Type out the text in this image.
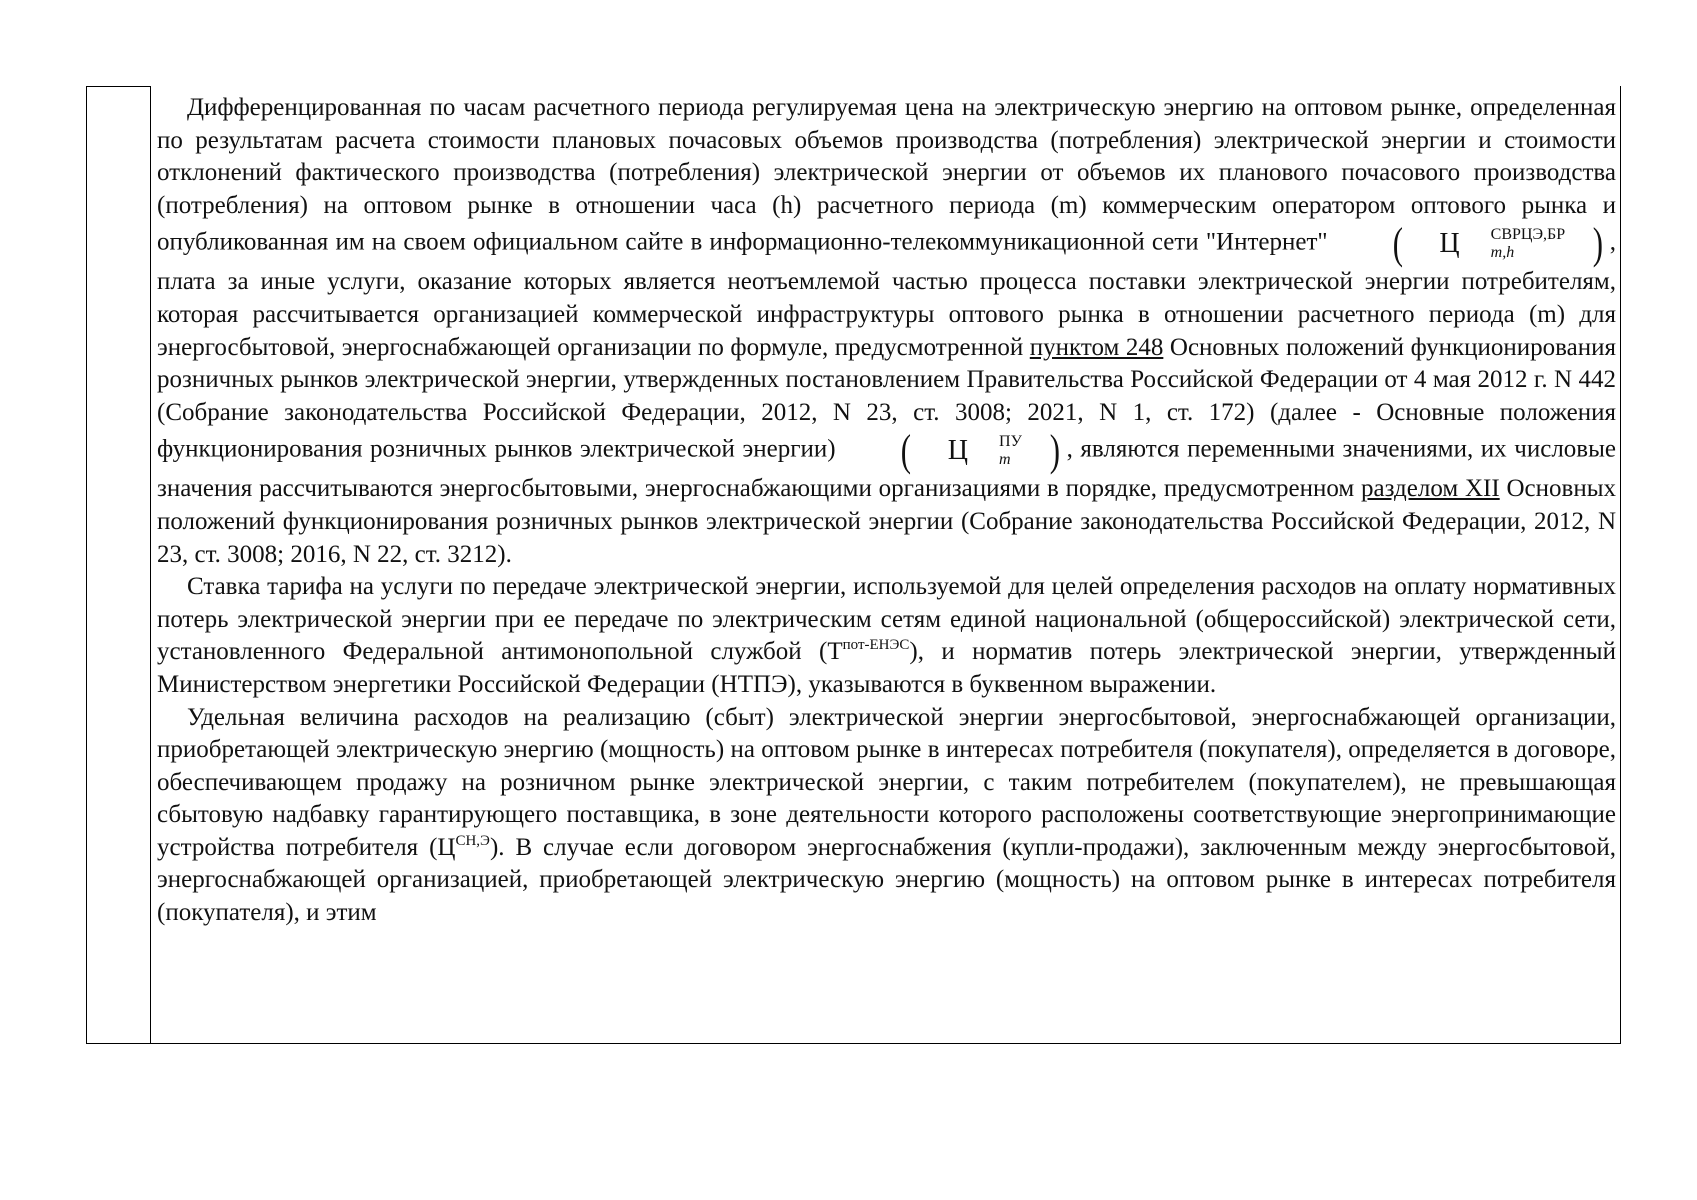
Дифференцированная по часам расчетного периода регулируемая цена на электрическую энергию на оптовом рынке, определенная по результатам расчета стоимости плановых почасовых объемов производства (потребления) электрической энергии и стоимости отклонений фактического производства (потребления) электрической энергии от объемов их планового почасового производства (потребления) на оптовом рынке в отношении часа (h) расчетного периода (m) коммерческим оператором оптового рынка и опубликованная им на своем официальном сайте в информационно-телекоммуникационной сети "Интернет" ( Ц	СВРЦЭ,БР
m,h	) , плата за иные услуги, оказание которых является неотъемлемой частью процесса поставки электрической энергии потребителям, которая рассчитывается организацией коммерческой инфраструктуры оптового рынка в отношении расчетного периода (m) для энергосбытовой, энергоснабжающей организации по формуле, предусмотренной пунктом 248 Основных положений функционирования розничных рынков электрической энергии, утвержденных постановлением Правительства Российской Федерации от 4 мая 2012 г. N 442 (Собрание законодательства Российской Федерации, 2012, N 23, ст. 3008; 2021, N 1, ст. 172) (далее - Основные положения функционирования розничных рынков электрической энергии) ( Ц	ПУ
m ) , являются переменными значениями, их числовые значения рассчитываются энергосбытовыми, энергоснабжающими организациями в порядке, предусмотренном разделом XII Основных положений функционирования розничных рынков электрической энергии (Собрание законодательства Российской Федерации, 2012, N 23, ст. 3008; 2016, N 22, ст. 3212).

Ставка тарифа на услуги по передаче электрической энергии, используемой для целей определения расходов на оплату нормативных потерь электрической энергии при ее передаче по электрическим сетям единой национальной (общероссийской) электрической сети, установленного Федеральной антимонопольной службой $(Т^{пот-ЕНЭС})$, и норматив потерь электрической энергии, утвержденный Министерством энергетики Российской Федерации (НТПЭ), указываются в буквенном выражении.

Удельная величина расходов на реализацию (сбыт) электрической энергии энергосбытовой, энергоснабжающей организации, приобретающей электрическую энергию (мощность) на оптовом рынке в интересах потребителя (покупателя), определяется в договоре, обеспечивающем продажу на розничном рынке электрической энергии, с таким потребителем (покупателем), не превышающая сбытовую надбавку гарантирующего поставщика, в зоне деятельности которого расположены соответствующие энергопринимающие устройства потребителя $(Ц^{СН,Э})$. В случае если договором энергоснабжения (купли-продажи), заключенным между энергосбытовой, энергоснабжающей организацией, приобретающей электрическую энергию (мощность) на оптовом рынке в интересах потребителя (покупателя), и этим
